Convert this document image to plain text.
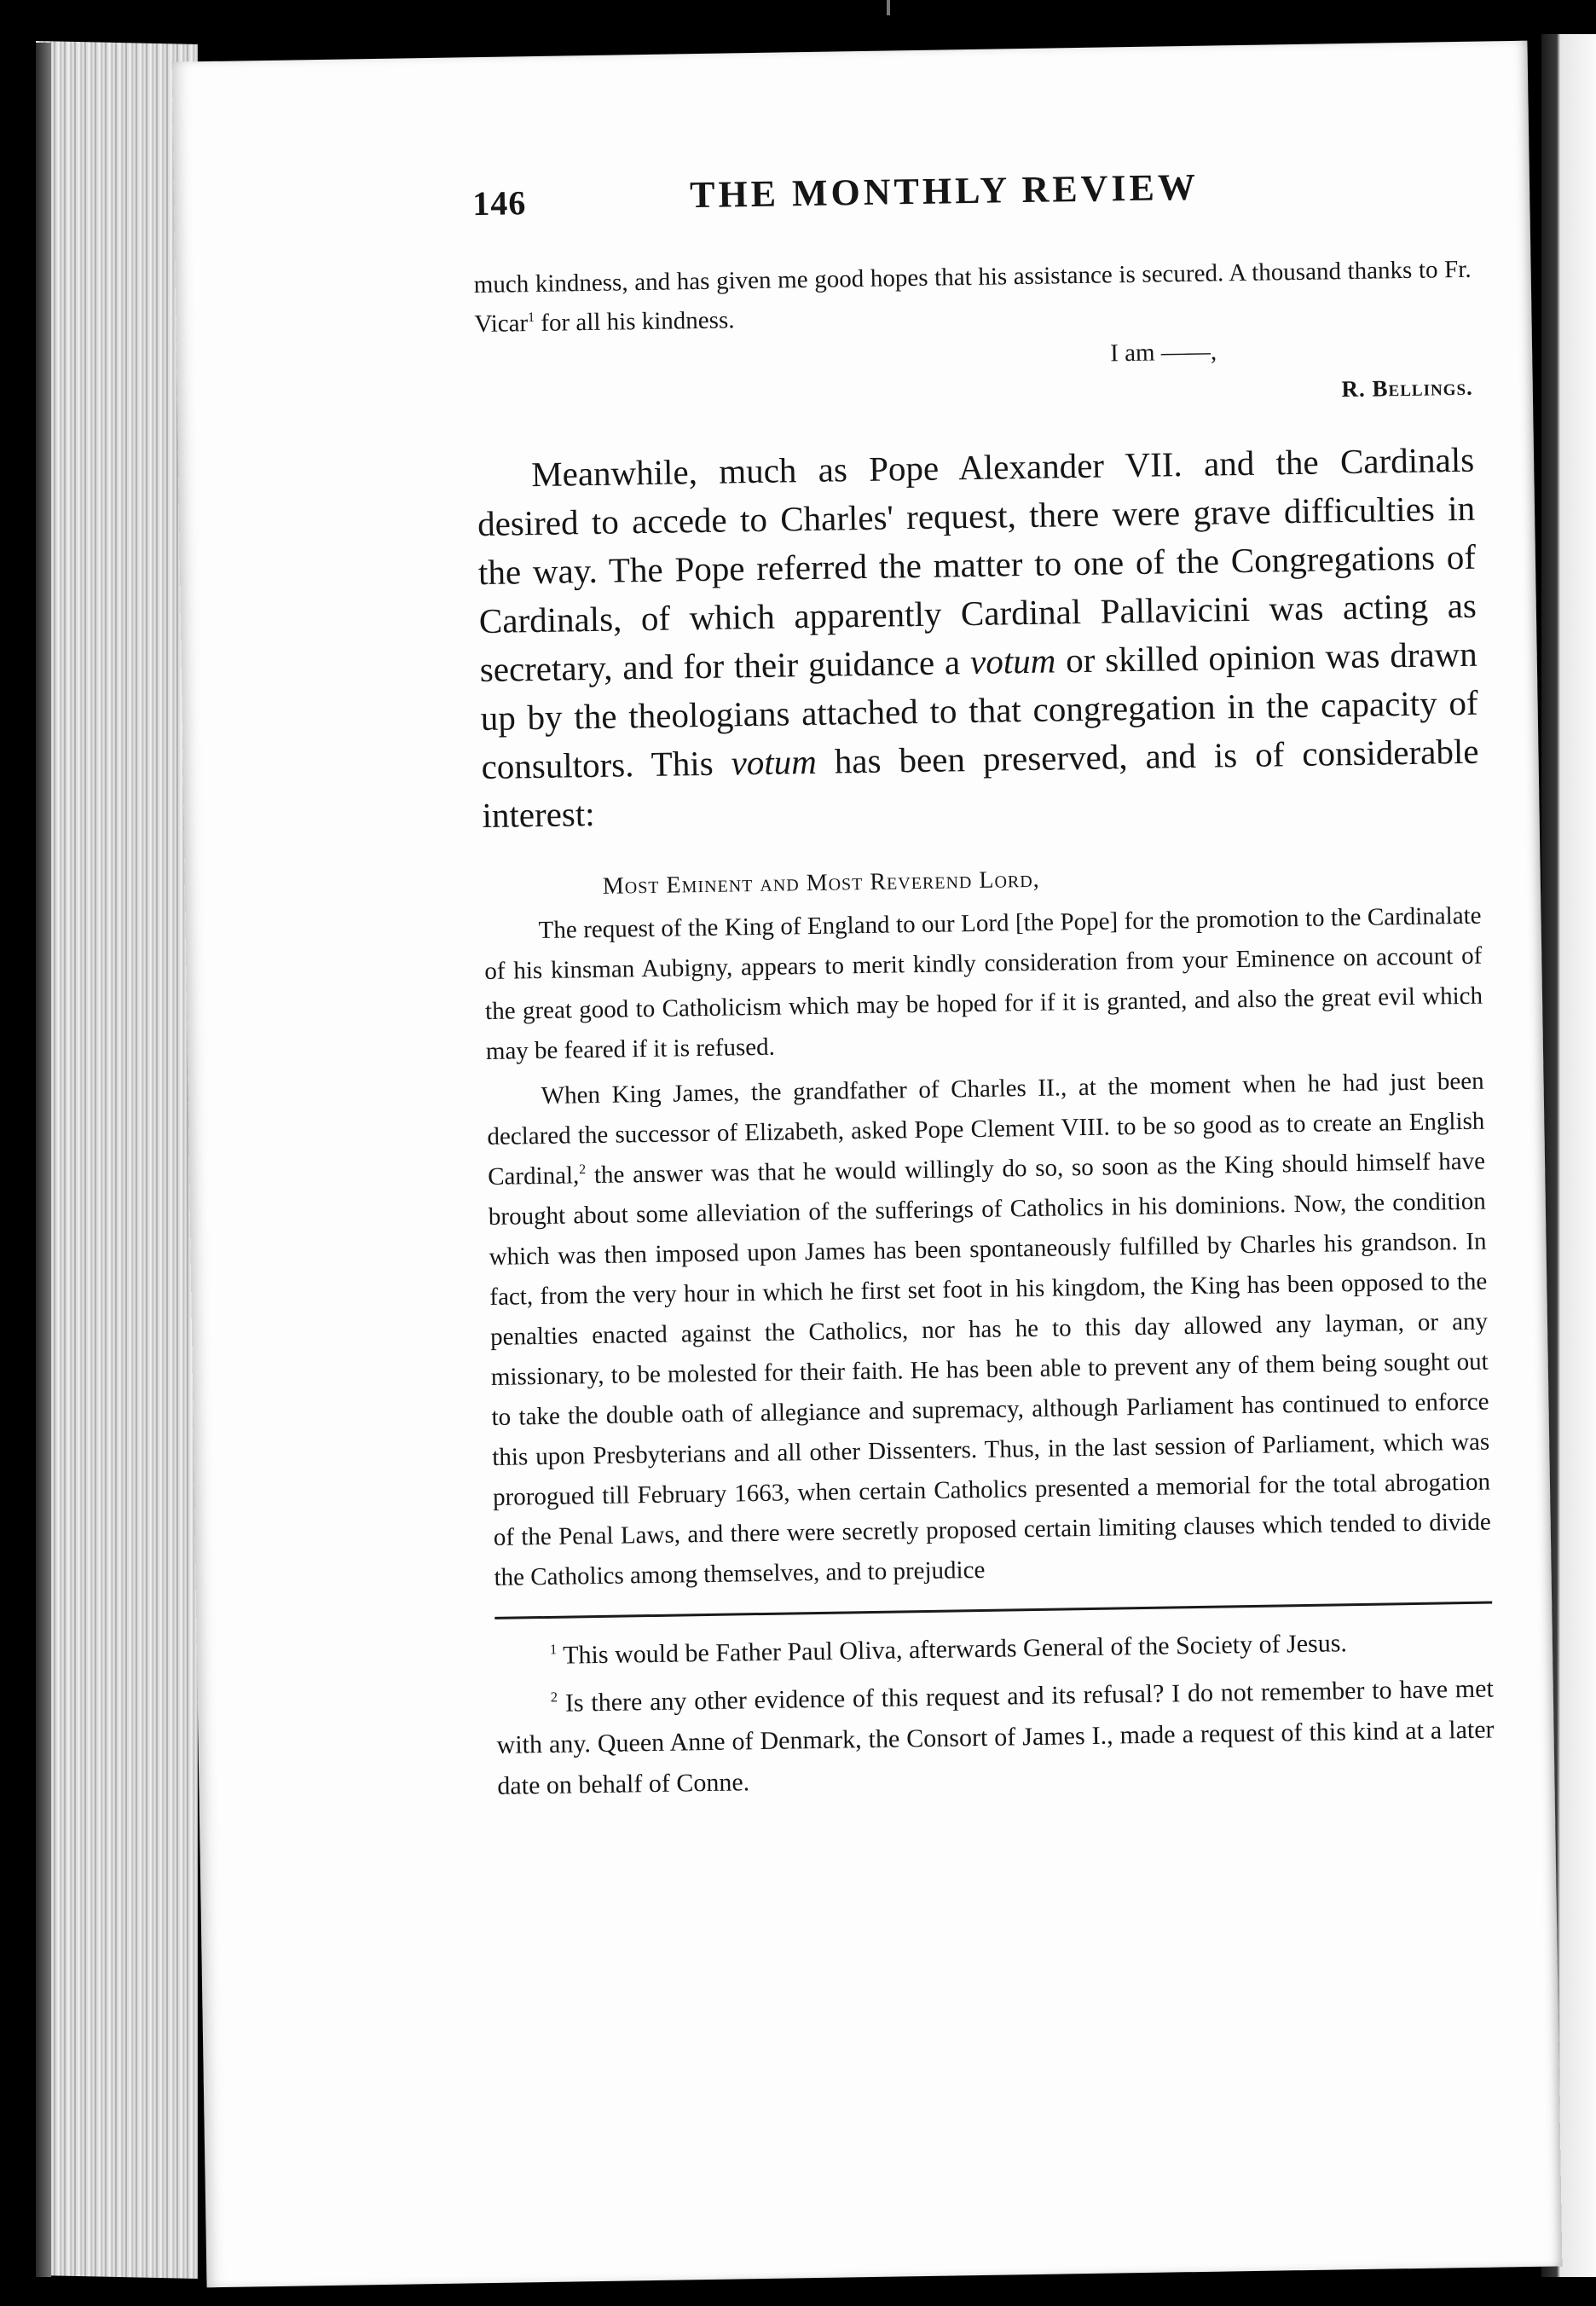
146	THE MONTHLY REVIEW

much kindness, and has given me good hopes that his assistance is secured. A thousand thanks to Fr. Vicar$^1$ for all his kindness.

I am ——,

R. Bellings.

Meanwhile, much as Pope Alexander VII. and the Cardinals desired to accede to Charles' request, there were grave difficulties in the way. The Pope referred the matter to one of the Congregations of Cardinals, of which apparently Cardinal Pallavicini was acting as secretary, and for their guidance a votum or skilled opinion was drawn up by the theologians attached to that congregation in the capacity of consultors. This votum has been preserved, and is of considerable interest:

Most Eminent and Most Reverend Lord,

The request of the King of England to our Lord [the Pope] for the promotion to the Cardinalate of his kinsman Aubigny, appears to merit kindly consideration from your Eminence on account of the great good to Catholicism which may be hoped for if it is granted, and also the great evil which may be feared if it is refused.

When King James, the grandfather of Charles II., at the moment when he had just been declared the successor of Elizabeth, asked Pope Clement VIII. to be so good as to create an English Cardinal,$^2$ the answer was that he would willingly do so, so soon as the King should himself have brought about some alleviation of the sufferings of Catholics in his dominions. Now, the condition which was then imposed upon James has been spontaneously fulfilled by Charles his grandson. In fact, from the very hour in which he first set foot in his kingdom, the King has been opposed to the penalties enacted against the Catholics, nor has he to this day allowed any layman, or any missionary, to be molested for their faith. He has been able to prevent any of them being sought out to take the double oath of allegiance and supremacy, although Parliament has continued to enforce this upon Presbyterians and all other Dissenters. Thus, in the last session of Parliament, which was prorogued till February 1663, when certain Catholics presented a memorial for the total abrogation of the Penal Laws, and there were secretly proposed certain limiting clauses which tended to divide the Catholics among themselves, and to prejudice

$^1$ This would be Father Paul Oliva, afterwards General of the Society of Jesus.

$^2$ Is there any other evidence of this request and its refusal? I do not remember to have met with any. Queen Anne of Denmark, the Consort of James I., made a request of this kind at a later date on behalf of Conne.
